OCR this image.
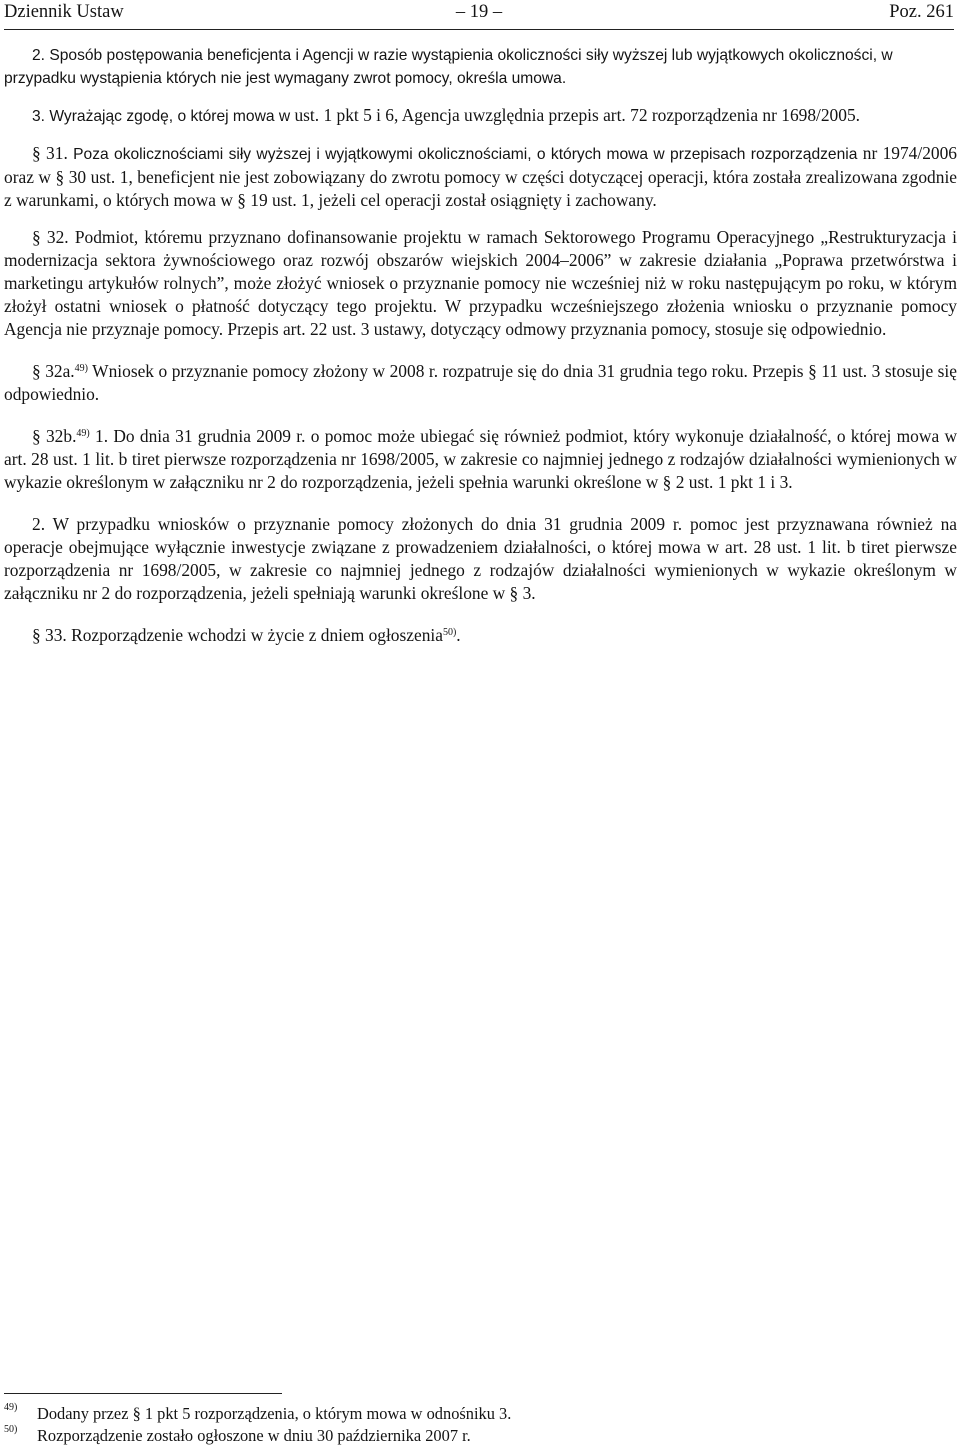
Dziennik Ustaw	– 19 –	Poz. 261

2. Sposób postępowania beneficjenta i Agencji w razie wystąpienia okoliczności siły wyższej lub wyjątkowych okoliczności, w przypadku wystąpienia których nie jest wymagany zwrot pomocy, określa umowa.

3. Wyrażając zgodę, o której mowa w ust. 1 pkt 5 i 6, Agencja uwzględnia przepis art. 72 rozporządzenia nr 1698/2005.

§ 31. Poza okolicznościami siły wyższej i wyjątkowymi okolicznościami, o których mowa w przepisach rozporządzenia nr 1974/2006 oraz w § 30 ust. 1, beneficjent nie jest zobowiązany do zwrotu pomocy w części dotyczącej operacji, która została zrealizowana zgodnie z warunkami, o których mowa w § 19 ust. 1, jeżeli cel operacji został osiągnięty i zachowany.

§ 32. Podmiot, któremu przyznano dofinansowanie projektu w ramach Sektorowego Programu Operacyjnego „Restrukturyzacja i modernizacja sektora żywnościowego oraz rozwój obszarów wiejskich 2004–2006” w zakresie działania „Poprawa przetwórstwa i marketingu artykułów rolnych”, może złożyć wniosek o przyznanie pomocy nie wcześniej niż w roku następującym po roku, w którym złożył ostatni wniosek o płatność dotyczący tego projektu. W przypadku wcześniejszego złożenia wniosku o przyznanie pomocy Agencja nie przyznaje pomocy. Przepis art. 22 ust. 3 ustawy, dotyczący odmowy przyznania pomocy, stosuje się odpowiednio.

§ 32a.$^{49)}$ Wniosek o przyznanie pomocy złożony w 2008 r. rozpatruje się do dnia 31 grudnia tego roku. Przepis § 11 ust. 3 stosuje się odpowiednio.

§ 32b.$^{49)}$ 1. Do dnia 31 grudnia 2009 r. o pomoc może ubiegać się również podmiot, który wykonuje działalność, o której mowa w art. 28 ust. 1 lit. b tiret pierwsze rozporządzenia nr 1698/2005, w zakresie co najmniej jednego z rodzajów działalności wymienionych w wykazie określonym w załączniku nr 2 do rozporządzenia, jeżeli spełnia warunki określone w § 2 ust. 1 pkt 1 i 3.

2. W przypadku wniosków o przyznanie pomocy złożonych do dnia 31 grudnia 2009 r. pomoc jest przyznawana również na operacje obejmujące wyłącznie inwestycje związane z prowadzeniem działalności, o której mowa w art. 28 ust. 1 lit. b tiret pierwsze rozporządzenia nr 1698/2005, w zakresie co najmniej jednego z rodzajów działalności wymienionych w wykazie określonym w załączniku nr 2 do rozporządzenia, jeżeli spełniają warunki określone w § 3.

§ 33. Rozporządzenie wchodzi w życie z dniem ogłoszenia$^{50)}$.

49) Dodany przez § 1 pkt 5 rozporządzenia, o którym mowa w odnośniku 3.
50) Rozporządzenie zostało ogłoszone w dniu 30 października 2007 r.
